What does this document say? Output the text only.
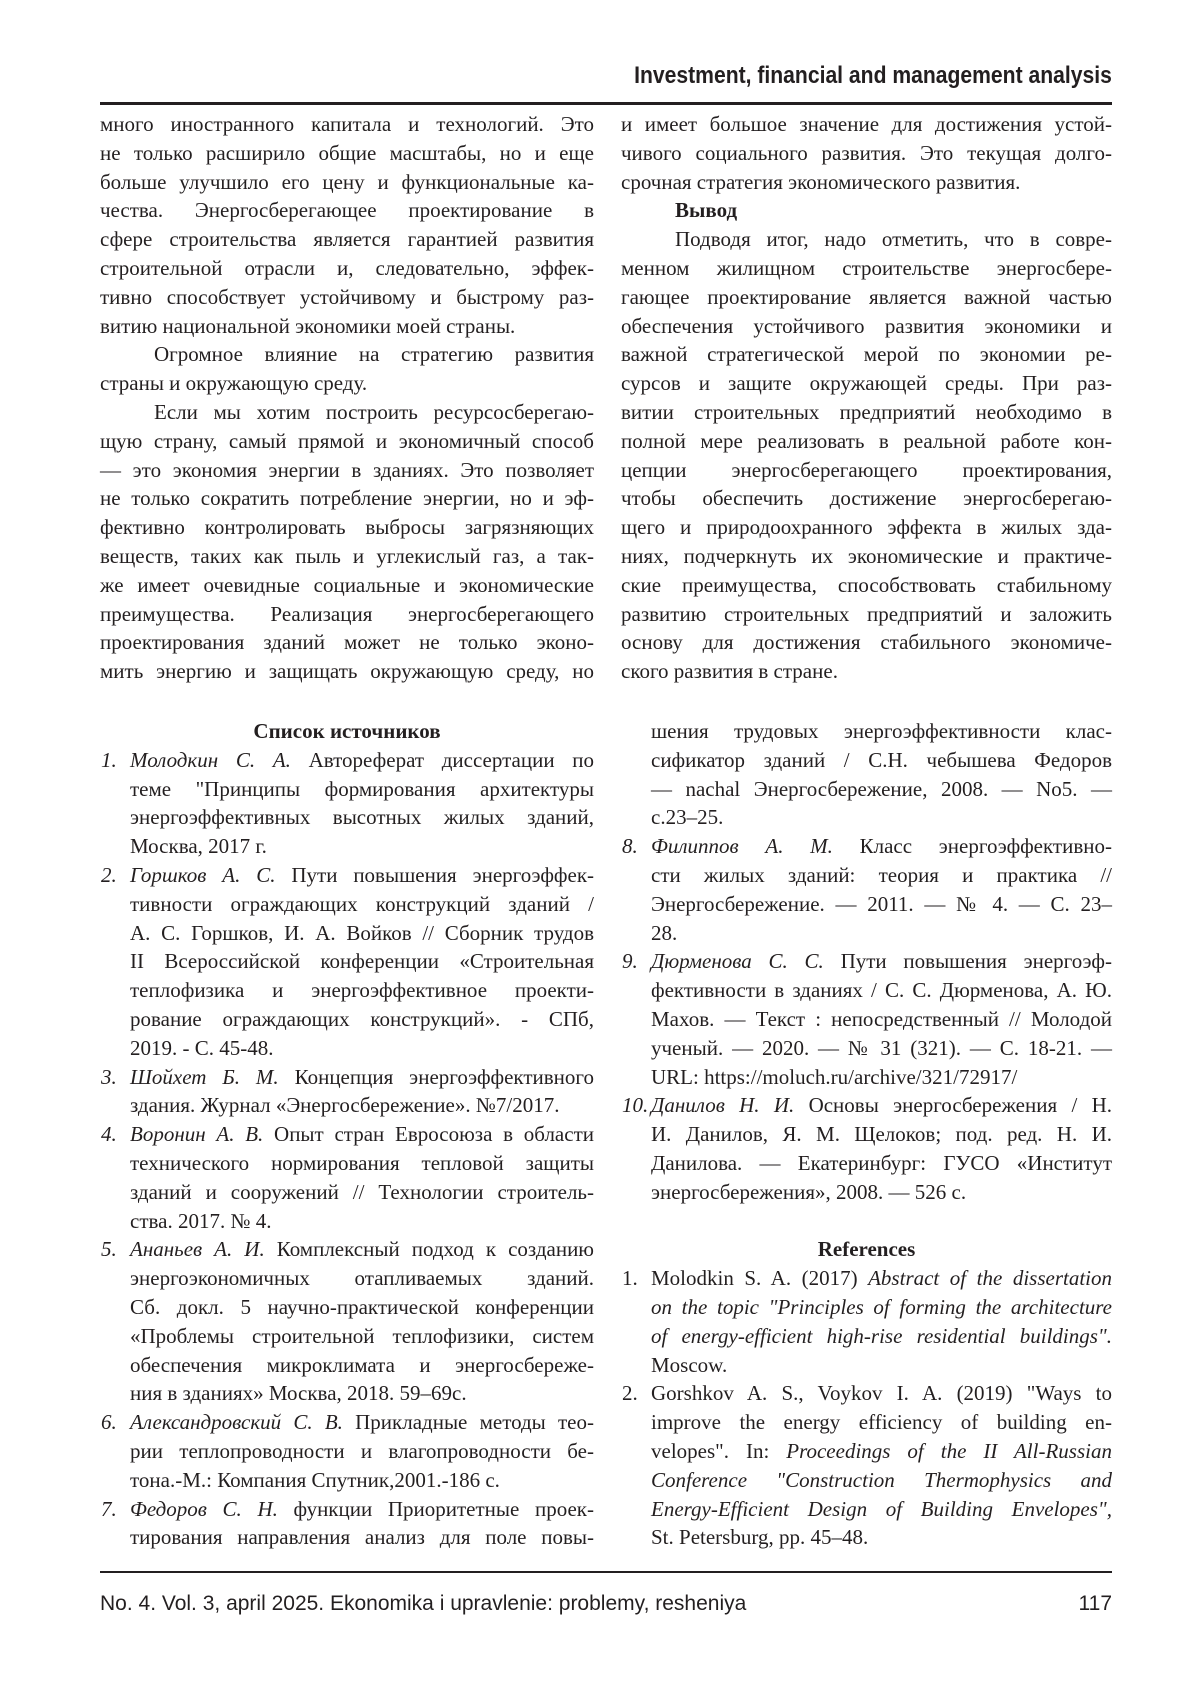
Investment, financial and management analysis
много иностранного капитала и технологий. Это
не только расширило общие масштабы, но и еще
больше улучшило его цену и функциональные ка-
чества. Энергосберегающее проектирование в
сфере строительства является гарантией развития
строительной отрасли и, следовательно, эффек-
тивно способствует устойчивому и быстрому раз-
витию национальной экономики моей страны.
Огромное влияние на стратегию развития
страны и окружающую среду.
Если мы хотим построить ресурсосберегаю-
щую страну, самый прямой и экономичный способ
— это экономия энергии в зданиях. Это позволяет
не только сократить потребление энергии, но и эф-
фективно контролировать выбросы загрязняющих
веществ, таких как пыль и углекислый газ, а так-
же имеет очевидные социальные и экономические
преимущества. Реализация энергосберегающего
проектирования зданий может не только эконо-
мить энергию и защищать окружающую среду, но
и имеет большое значение для достижения устой-
чивого социального развития. Это текущая долго-
срочная стратегия экономического развития.
Вывод
Подводя итог, надо отметить, что в совре-
менном жилищном строительстве энергосбере-
гающее проектирование является важной частью
обеспечения устойчивого развития экономики и
важной стратегической мерой по экономии ре-
сурсов и защите окружающей среды. При раз-
витии строительных предприятий необходимо в
полной мере реализовать в реальной работе кон-
цепции энергосберегающего проектирования,
чтобы обеспечить достижение энергосберегаю-
щего и природоохранного эффекта в жилых зда-
ниях, подчеркнуть их экономические и практиче-
ские преимущества, способствовать стабильному
развитию строительных предприятий и заложить
основу для достижения стабильного экономиче-
ского развития в стране.
Список источников
1. Молодкин С. А. Автореферат диссертации по
теме "Принципы формирования архитектуры
энергоэффективных высотных жилых зданий,
Москва, 2017 г.
2. Горшков А. С. Пути повышения энергоэффек-
тивности ограждающих конструкций зданий /
А. С. Горшков, И. А. Войков // Сборник трудов
II Всероссийской конференции «Строительная
теплофизика и энергоэффективное проекти-
рование ограждающих конструкций». - СПб,
2019. - С. 45-48.
3. Шойхет Б. М. Концепция энергоэффективного
здания. Журнал «Энергосбережение». №7/2017.
4. Воронин А. В. Опыт стран Евросоюза в области
технического нормирования тепловой защиты
зданий и сооружений // Технологии строитель-
ства. 2017. № 4.
5. Ананьев А. И. Комплексный подход к созданию
энергоэкономичных отапливаемых зданий.
Сб. докл. 5 научно-практической конференции
«Проблемы строительной теплофизики, систем
обеспечения микроклимата и энергосбереже-
ния в зданиях» Москва, 2018. 59–69с.
6. Александровский С. В. Прикладные методы тео-
рии теплопроводности и влагопроводности бе-
тона.-М.: Компания Спутник,2001.-186 с.
7. Федоров С. Н. функции Приоритетные проек-
тирования направления анализ для поле повы-
шения трудовых энергоэффективности клас-
сификатор зданий / С.Н. чебышева Федоров
— nachal Энергосбережение, 2008. — No5. —
с.23–25.
8. Филиппов А. М. Класс энергоэффективно-
сти жилых зданий: теория и практика //
Энергосбережение. — 2011. — № 4. — С. 23–
28.
9. Дюрменова С. С. Пути повышения энергоэф-
фективности в зданиях / С. С. Дюрменова, А. Ю.
Махов. — Текст : непосредственный // Молодой
ученый. — 2020. — № 31 (321). — С. 18-21. —
URL: https://moluch.ru/archive/321/72917/
10. Данилов Н. И. Основы энергосбережения / Н.
И. Данилов, Я. М. Щелоков; под. ред. Н. И.
Данилова. — Екатеринбург: ГУСО «Институт
энергосбережения», 2008. — 526 с.
References
1. Molodkin S. A. (2017) Abstract of the dissertation
on the topic "Principles of forming the architecture
of energy-efficient high-rise residential buildings".
Moscow.
2. Gorshkov A. S., Voykov I. A. (2019) "Ways to
improve the energy efficiency of building en-
velopes". In: Proceedings of the II All-Russian
Conference "Construction Thermophysics and
Energy-Efficient Design of Building Envelopes",
St. Petersburg, pp. 45–48.
No. 4. Vol. 3, april 2025. Ekonomika i upravlenie: problemy, resheniya	117
